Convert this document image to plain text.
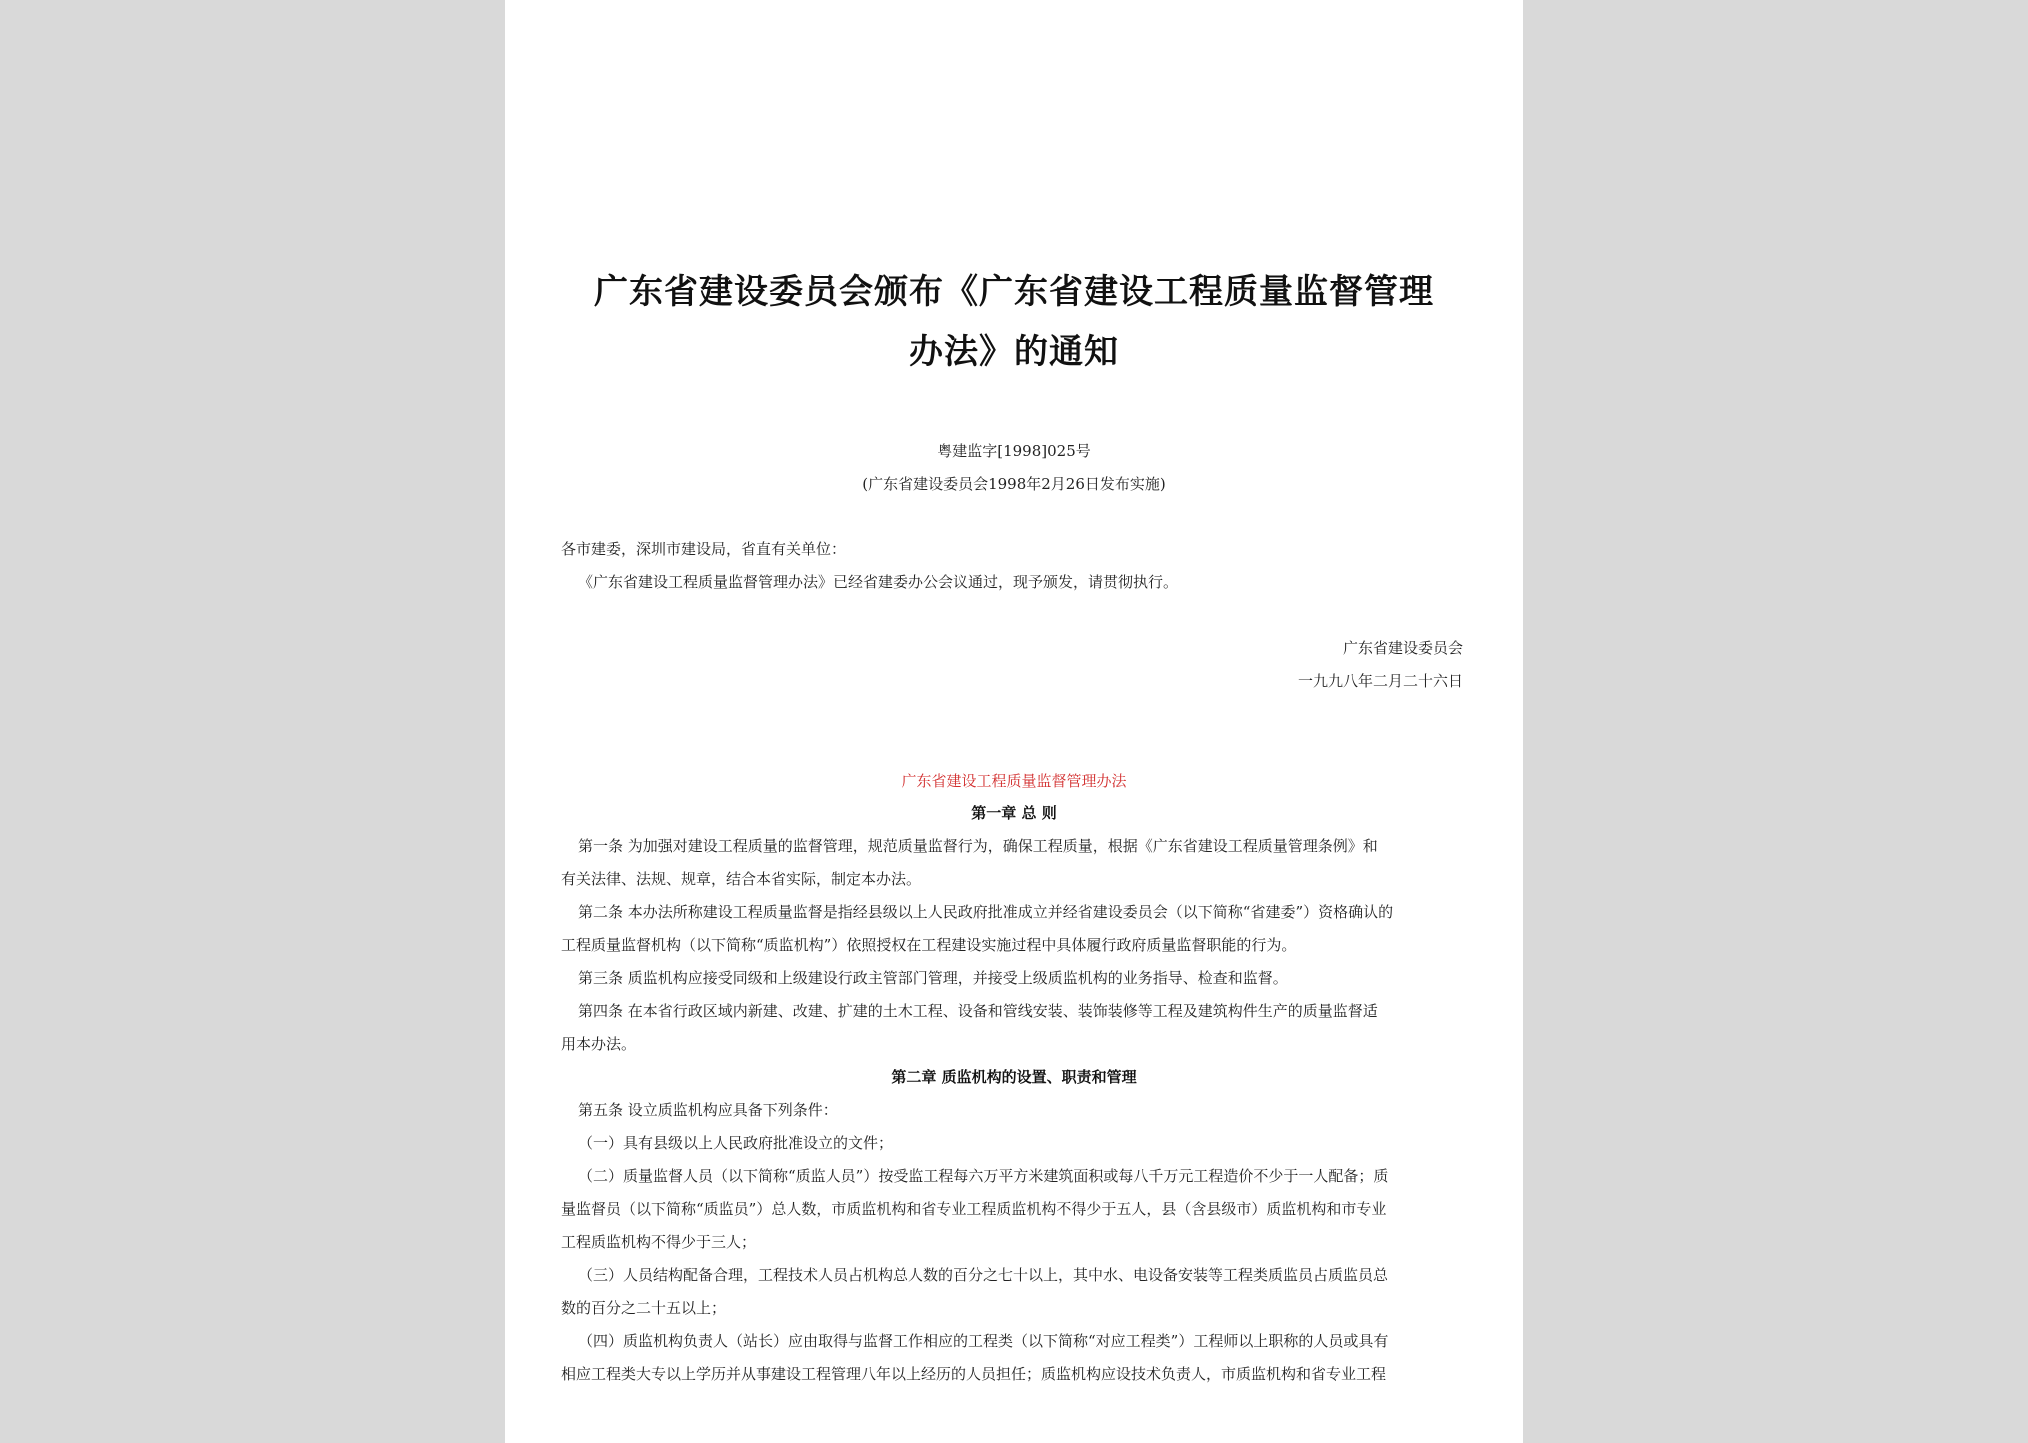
广东省建设委员会颁布《广东省建设工程质量监督管理
办法》的通知
粤建监字[1998]025号
(广东省建设委员会1998年2月26日发布实施)
各市建委，深圳市建设局，省直有关单位：
《广东省建设工程质量监督管理办法》已经省建委办公会议通过，现予颁发，请贯彻执行。
广东省建设委员会
一九九八年二月二十六日
广东省建设工程质量监督管理办法
第一章 总 则
第一条 为加强对建设工程质量的监督管理，规范质量监督行为，确保工程质量，根据《广东省建设工程质量管理条例》和
有关法律、法规、规章，结合本省实际，制定本办法。
第二条 本办法所称建设工程质量监督是指经县级以上人民政府批准成立并经省建设委员会（以下简称“省建委”）资格确认的
工程质量监督机构（以下简称“质监机构”）依照授权在工程建设实施过程中具体履行政府质量监督职能的行为。
第三条 质监机构应接受同级和上级建设行政主管部门管理，并接受上级质监机构的业务指导、检查和监督。
第四条 在本省行政区域内新建、改建、扩建的土木工程、设备和管线安装、装饰装修等工程及建筑构件生产的质量监督适
用本办法。
第二章 质监机构的设置、职责和管理
第五条 设立质监机构应具备下列条件：
（一）具有县级以上人民政府批准设立的文件；
（二）质量监督人员（以下简称“质监人员”）按受监工程每六万平方米建筑面积或每八千万元工程造价不少于一人配备；质
量监督员（以下简称“质监员”）总人数，市质监机构和省专业工程质监机构不得少于五人，县（含县级市）质监机构和市专业
工程质监机构不得少于三人；
（三）人员结构配备合理，工程技术人员占机构总人数的百分之七十以上，其中水、电设备安装等工程类质监员占质监员总
数的百分之二十五以上；
（四）质监机构负责人（站长）应由取得与监督工作相应的工程类（以下简称“对应工程类”）工程师以上职称的人员或具有
相应工程类大专以上学历并从事建设工程管理八年以上经历的人员担任；质监机构应设技术负责人，市质监机构和省专业工程
